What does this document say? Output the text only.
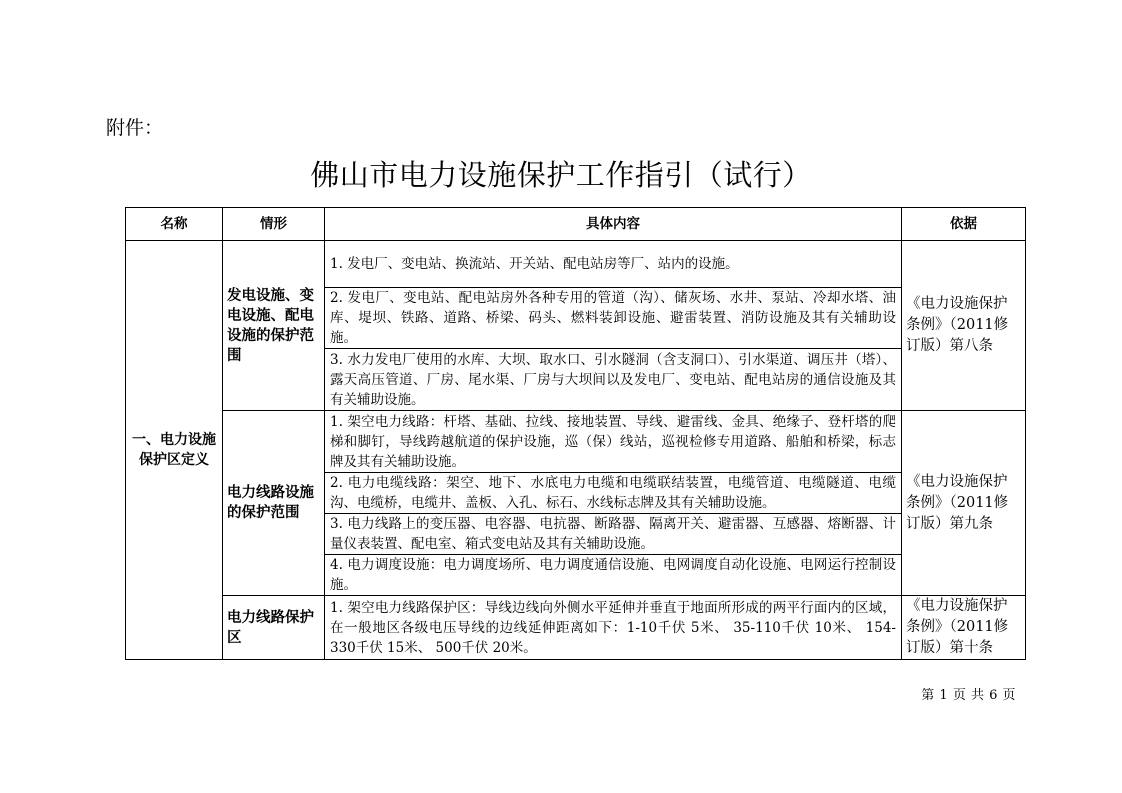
附件：
佛山市电力设施保护工作指引（试行）
名称	情形	具体内容	依据
一、电力设施保护区定义	发电设施、变电设施、配电设施的保护范围	1. 发电厂、变电站、换流站、开关站、配电站房等厂、站内的设施。	《电力设施保护条例》（2011修订版）第八条
		2. 发电厂、变电站、配电站房外各种专用的管道（沟）、储灰场、水井、泵站、冷却水塔、油库、堤坝、铁路、道路、桥梁、码头、燃料装卸设施、避雷装置、消防设施及其有关辅助设施。	
		3. 水力发电厂使用的水库、大坝、取水口、引水隧洞（含支洞口）、引水渠道、调压井（塔）、露天高压管道、厂房、尾水渠、厂房与大坝间以及发电厂、变电站、配电站房的通信设施及其有关辅助设施。	
	电力线路设施的保护范围	1. 架空电力线路：杆塔、基础、拉线、接地装置、导线、避雷线、金具、绝缘子、登杆塔的爬梯和脚钉，导线跨越航道的保护设施，巡（保）线站，巡视检修专用道路、船舶和桥梁，标志牌及其有关辅助设施。	《电力设施保护条例》（2011修订版）第九条
		2. 电力电缆线路：架空、地下、水底电力电缆和电缆联结装置，电缆管道、电缆隧道、电缆沟、电缆桥，电缆井、盖板、入孔、标石、水线标志牌及其有关辅助设施。	
		3. 电力线路上的变压器、电容器、电抗器、断路器、隔离开关、避雷器、互感器、熔断器、计量仪表装置、配电室、箱式变电站及其有关辅助设施。	
		4. 电力调度设施：电力调度场所、电力调度通信设施、电网调度自动化设施、电网运行控制设施。	
	电力线路保护区	1. 架空电力线路保护区：导线边线向外侧水平延伸并垂直于地面所形成的两平行面内的区域，在一般地区各级电压导线的边线延伸距离如下：1-10千伏 5米、 35-110千伏 10米、 154-330千伏 15米、 500千伏 20米。	《电力设施保护条例》（2011修订版）第十条
第 1 页 共 6 页
